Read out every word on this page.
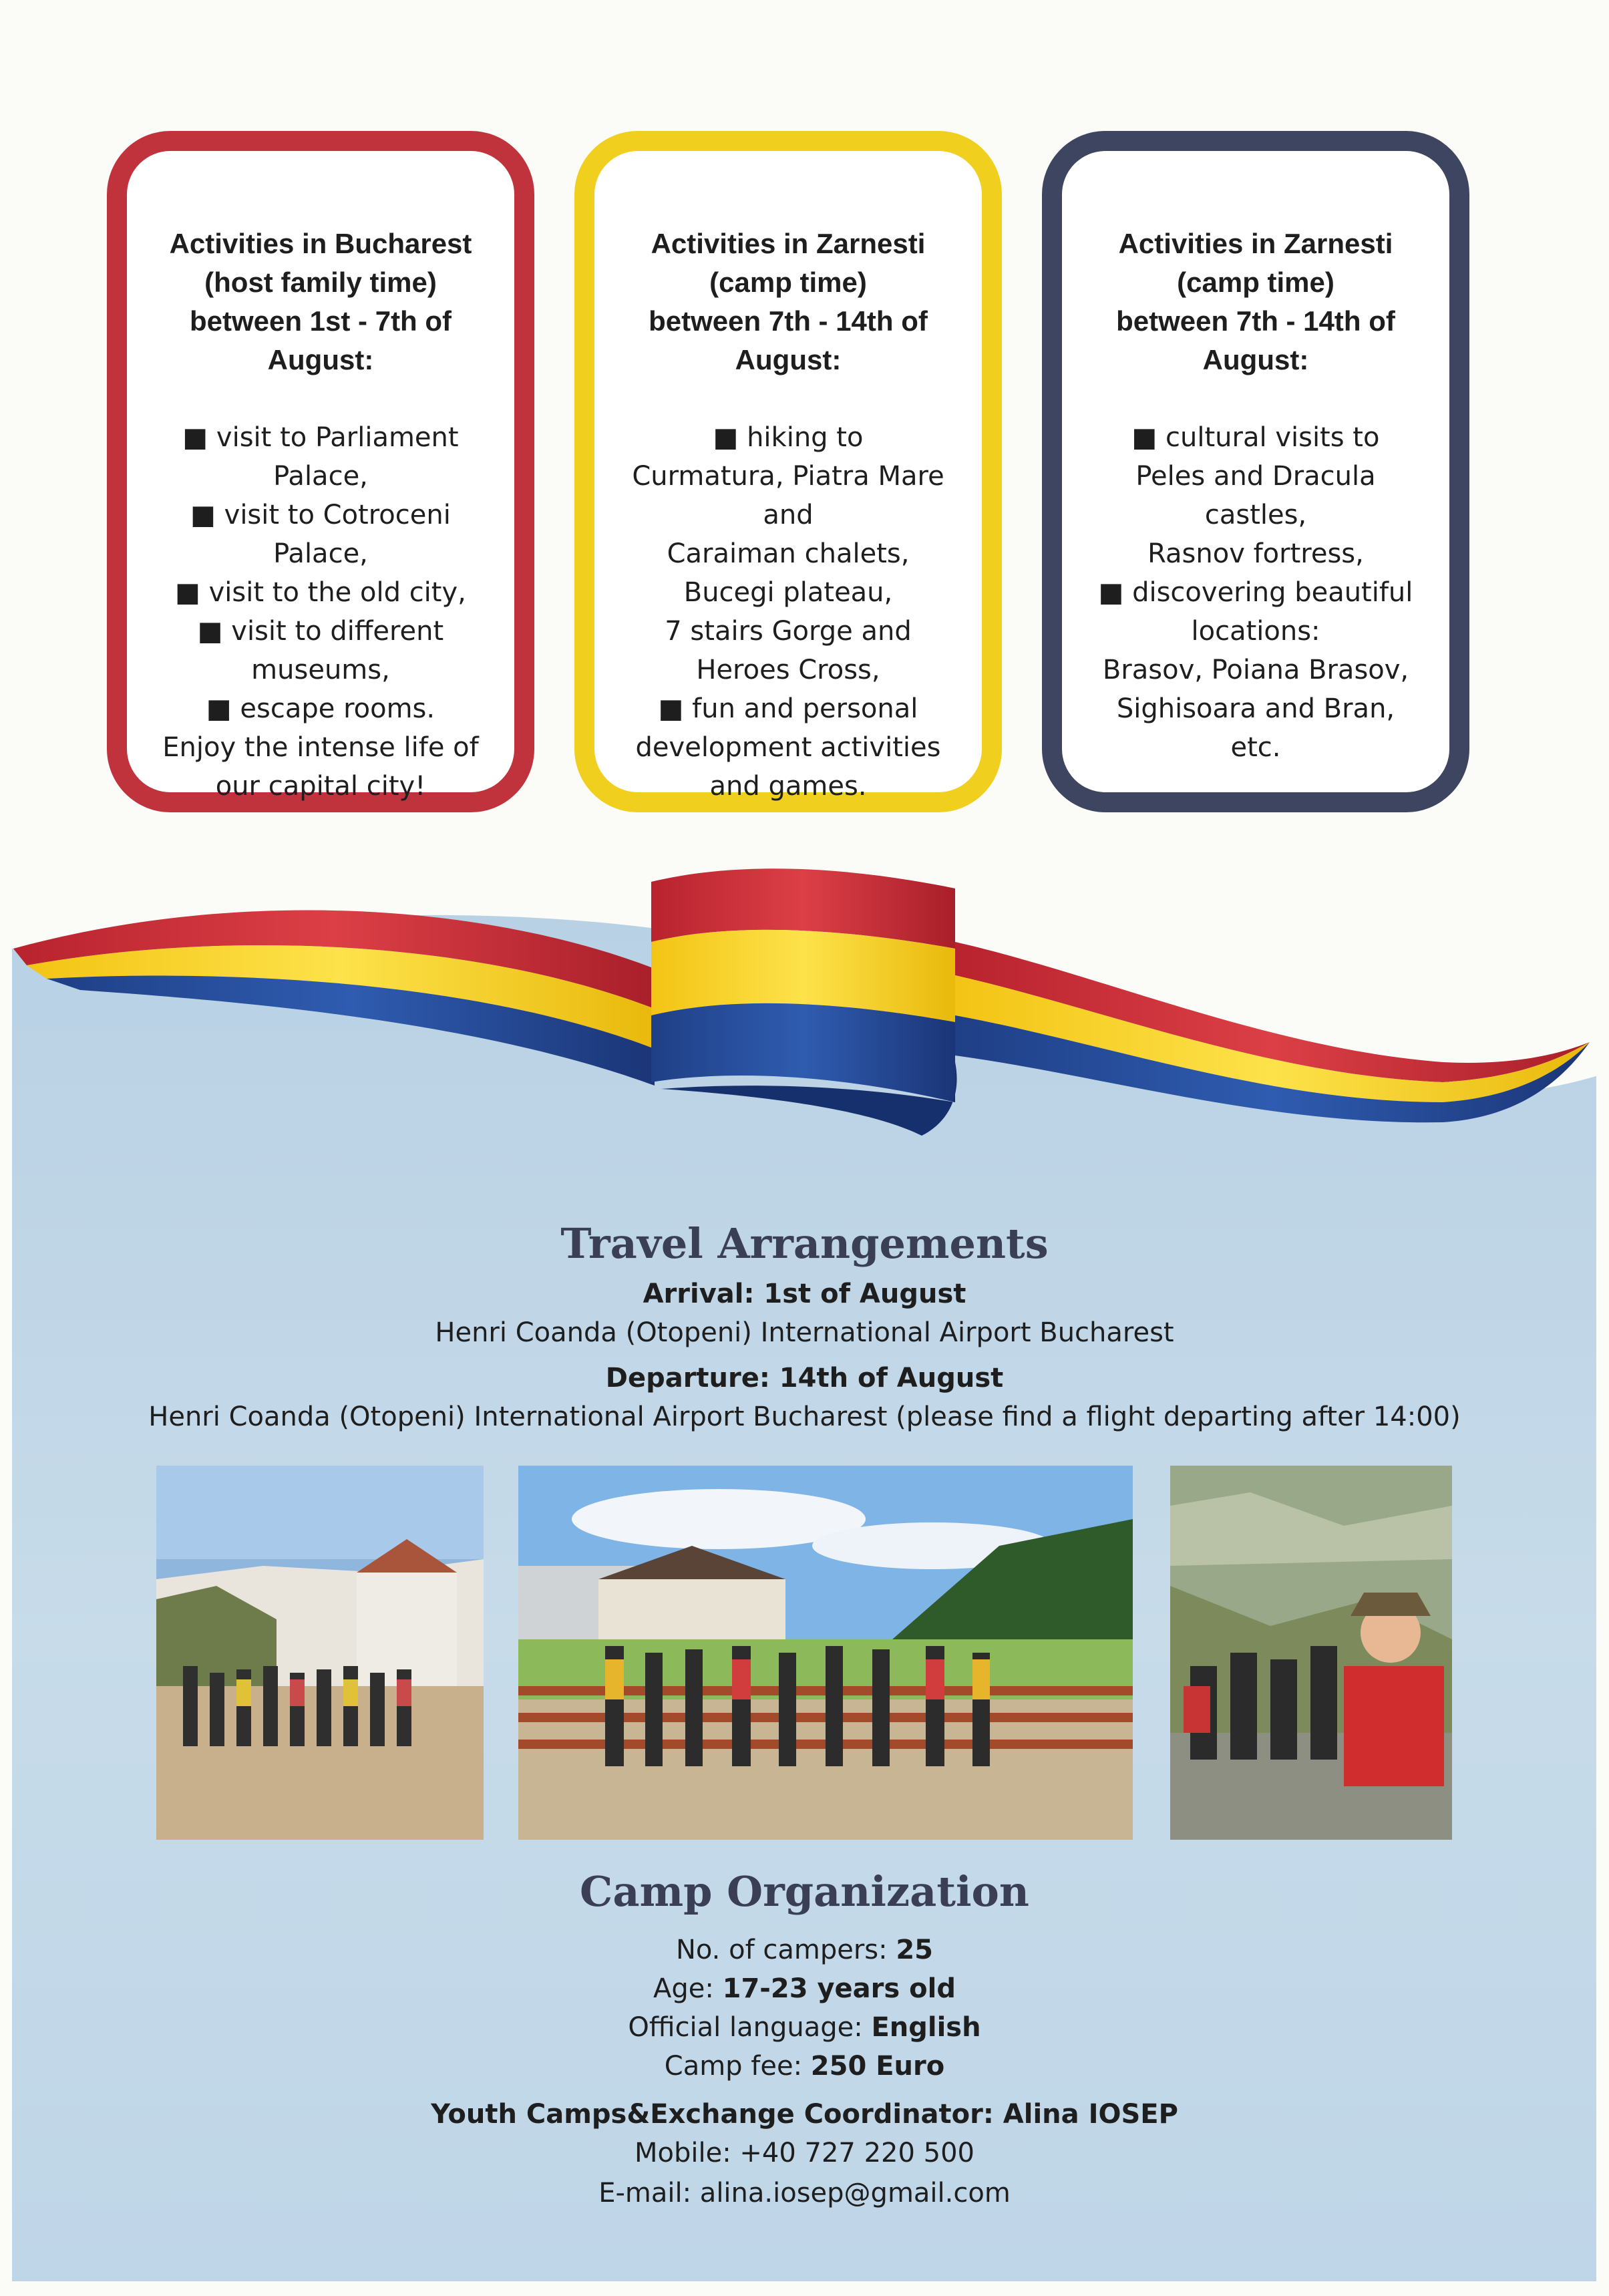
Activities in Bucharest
(host family time)
between 1st - 7th of
August:
■ visit to Parliament
Palace,
■ visit to Cotroceni Palace,
■ visit to the old city,
■ visit to different
museums,
■ escape rooms.
Enjoy the intense life of
our capital city!
Activities in Zarnesti
(camp time)
between 7th - 14th of
August:
■ hiking to
Curmatura, Piatra Mare and
Caraiman chalets,
Bucegi plateau,
7 stairs Gorge and
Heroes Cross,
■ fun and personal
development activities
and games.
Activities in Zarnesti
(camp time)
between 7th - 14th of
August:
■ cultural visits to
Peles and Dracula castles,
Rasnov fortress,
■ discovering beautiful
locations:
Brasov, Poiana Brasov,
Sighisoara and Bran,
etc.
Travel Arrangements
Arrival: 1st of August
Henri Coanda (Otopeni) International Airport Bucharest
Departure: 14th of August
Henri Coanda (Otopeni) International Airport Bucharest (please find a flight departing after 14:00)
Camp Organization
No. of campers: 25
Age: 17-23 years old
Official language: English
Camp fee: 250 Euro
Youth Camps&Exchange Coordinator: Alina IOSEP
Mobile: +40 727 220 500
E-mail: alina.iosep@gmail.com
